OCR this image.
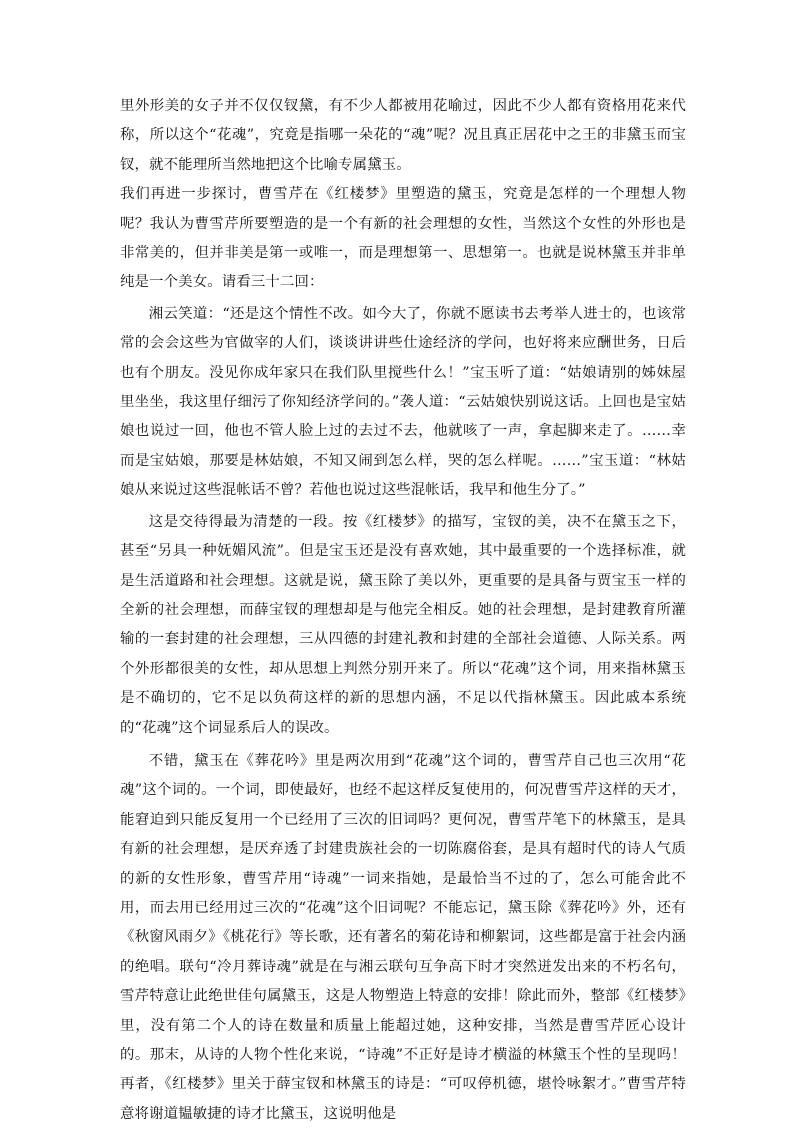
里外形美的女子并不仅仅钗黛，有不少人都被用花喻过，因此不少人都有资格用花来代称，所以这个“花魂”，究竟是指哪一朵花的“魂”呢？况且真正居花中之王的非黛玉而宝钗，就不能理所当然地把这个比喻专属黛玉。

我们再进一步探讨，曹雪芹在《红楼梦》里塑造的黛玉，究竟是怎样的一个理想人物呢？我认为曹雪芹所要塑造的是一个有新的社会理想的女性，当然这个女性的外形也是非常美的，但并非美是第一或唯一，而是理想第一、思想第一。也就是说林黛玉并非单纯是一个美女。请看三十二回：

湘云笑道：“还是这个情性不改。如今大了，你就不愿读书去考举人进士的，也该常常的会会这些为官做宰的人们，谈谈讲讲些仕途经济的学问，也好将来应酬世务，日后也有个朋友。没见你成年家只在我们队里搅些什么！”宝玉听了道：“姑娘请别的姊妹屋里坐坐，我这里仔细污了你知经济学问的。”袭人道：“云姑娘快别说这话。上回也是宝姑娘也说过一回，他也不管人脸上过的去过不去，他就咳了一声，拿起脚来走了。……幸而是宝姑娘，那要是林姑娘，不知又闹到怎么样，哭的怎么样呢。……”宝玉道：“林姑娘从来说过这些混帐话不曾？若他也说过这些混帐话，我早和他生分了。”

这是交待得最为清楚的一段。按《红楼梦》的描写，宝钗的美，决不在黛玉之下，甚至“另具一种妩媚风流”。但是宝玉还是没有喜欢她，其中最重要的一个选择标准，就是生活道路和社会理想。这就是说，黛玉除了美以外，更重要的是具备与贾宝玉一样的全新的社会理想，而薛宝钗的理想却是与他完全相反。她的社会理想，是封建教育所灌输的一套封建的社会理想，三从四德的封建礼教和封建的全部社会道德、人际关系。两个外形都很美的女性，却从思想上判然分别开来了。所以“花魂”这个词，用来指林黛玉是不确切的，它不足以负荷这样的新的思想内涵，不足以代指林黛玉。因此戚本系统的“花魂”这个词显系后人的误改。

不错，黛玉在《葬花吟》里是两次用到“花魂”这个词的，曹雪芹自己也三次用“花魂”这个词的。一个词，即使最好，也经不起这样反复使用的，何况曹雪芹这样的天才，能窘迫到只能反复用一个已经用了三次的旧词吗？更何况，曹雪芹笔下的林黛玉，是具有新的社会理想，是厌弃透了封建贵族社会的一切陈腐俗套，是具有超时代的诗人气质的新的女性形象，曹雪芹用“诗魂”一词来指她，是最恰当不过的了，怎么可能舍此不用，而去用已经用过三次的“花魂”这个旧词呢？不能忘记，黛玉除《葬花吟》外，还有《秋窗风雨夕》《桃花行》等长歌，还有著名的菊花诗和柳絮词，这些都是富于社会内涵的绝唱。联句“冷月葬诗魂”就是在与湘云联句互争高下时才突然迸发出来的不朽名句，雪芹特意让此绝世佳句属黛玉，这是人物塑造上特意的安排！除此而外，整部《红楼梦》里，没有第二个人的诗在数量和质量上能超过她，这种安排，当然是曹雪芹匠心设计的。那末，从诗的人物个性化来说，“诗魂”不正好是诗才横溢的林黛玉个性的呈现吗！再者，《红楼梦》里关于薛宝钗和林黛玉的诗是：“可叹停机德，堪怜咏絮才。”曹雪芹特意将谢道韫敏捷的诗才比黛玉，这说明他是
